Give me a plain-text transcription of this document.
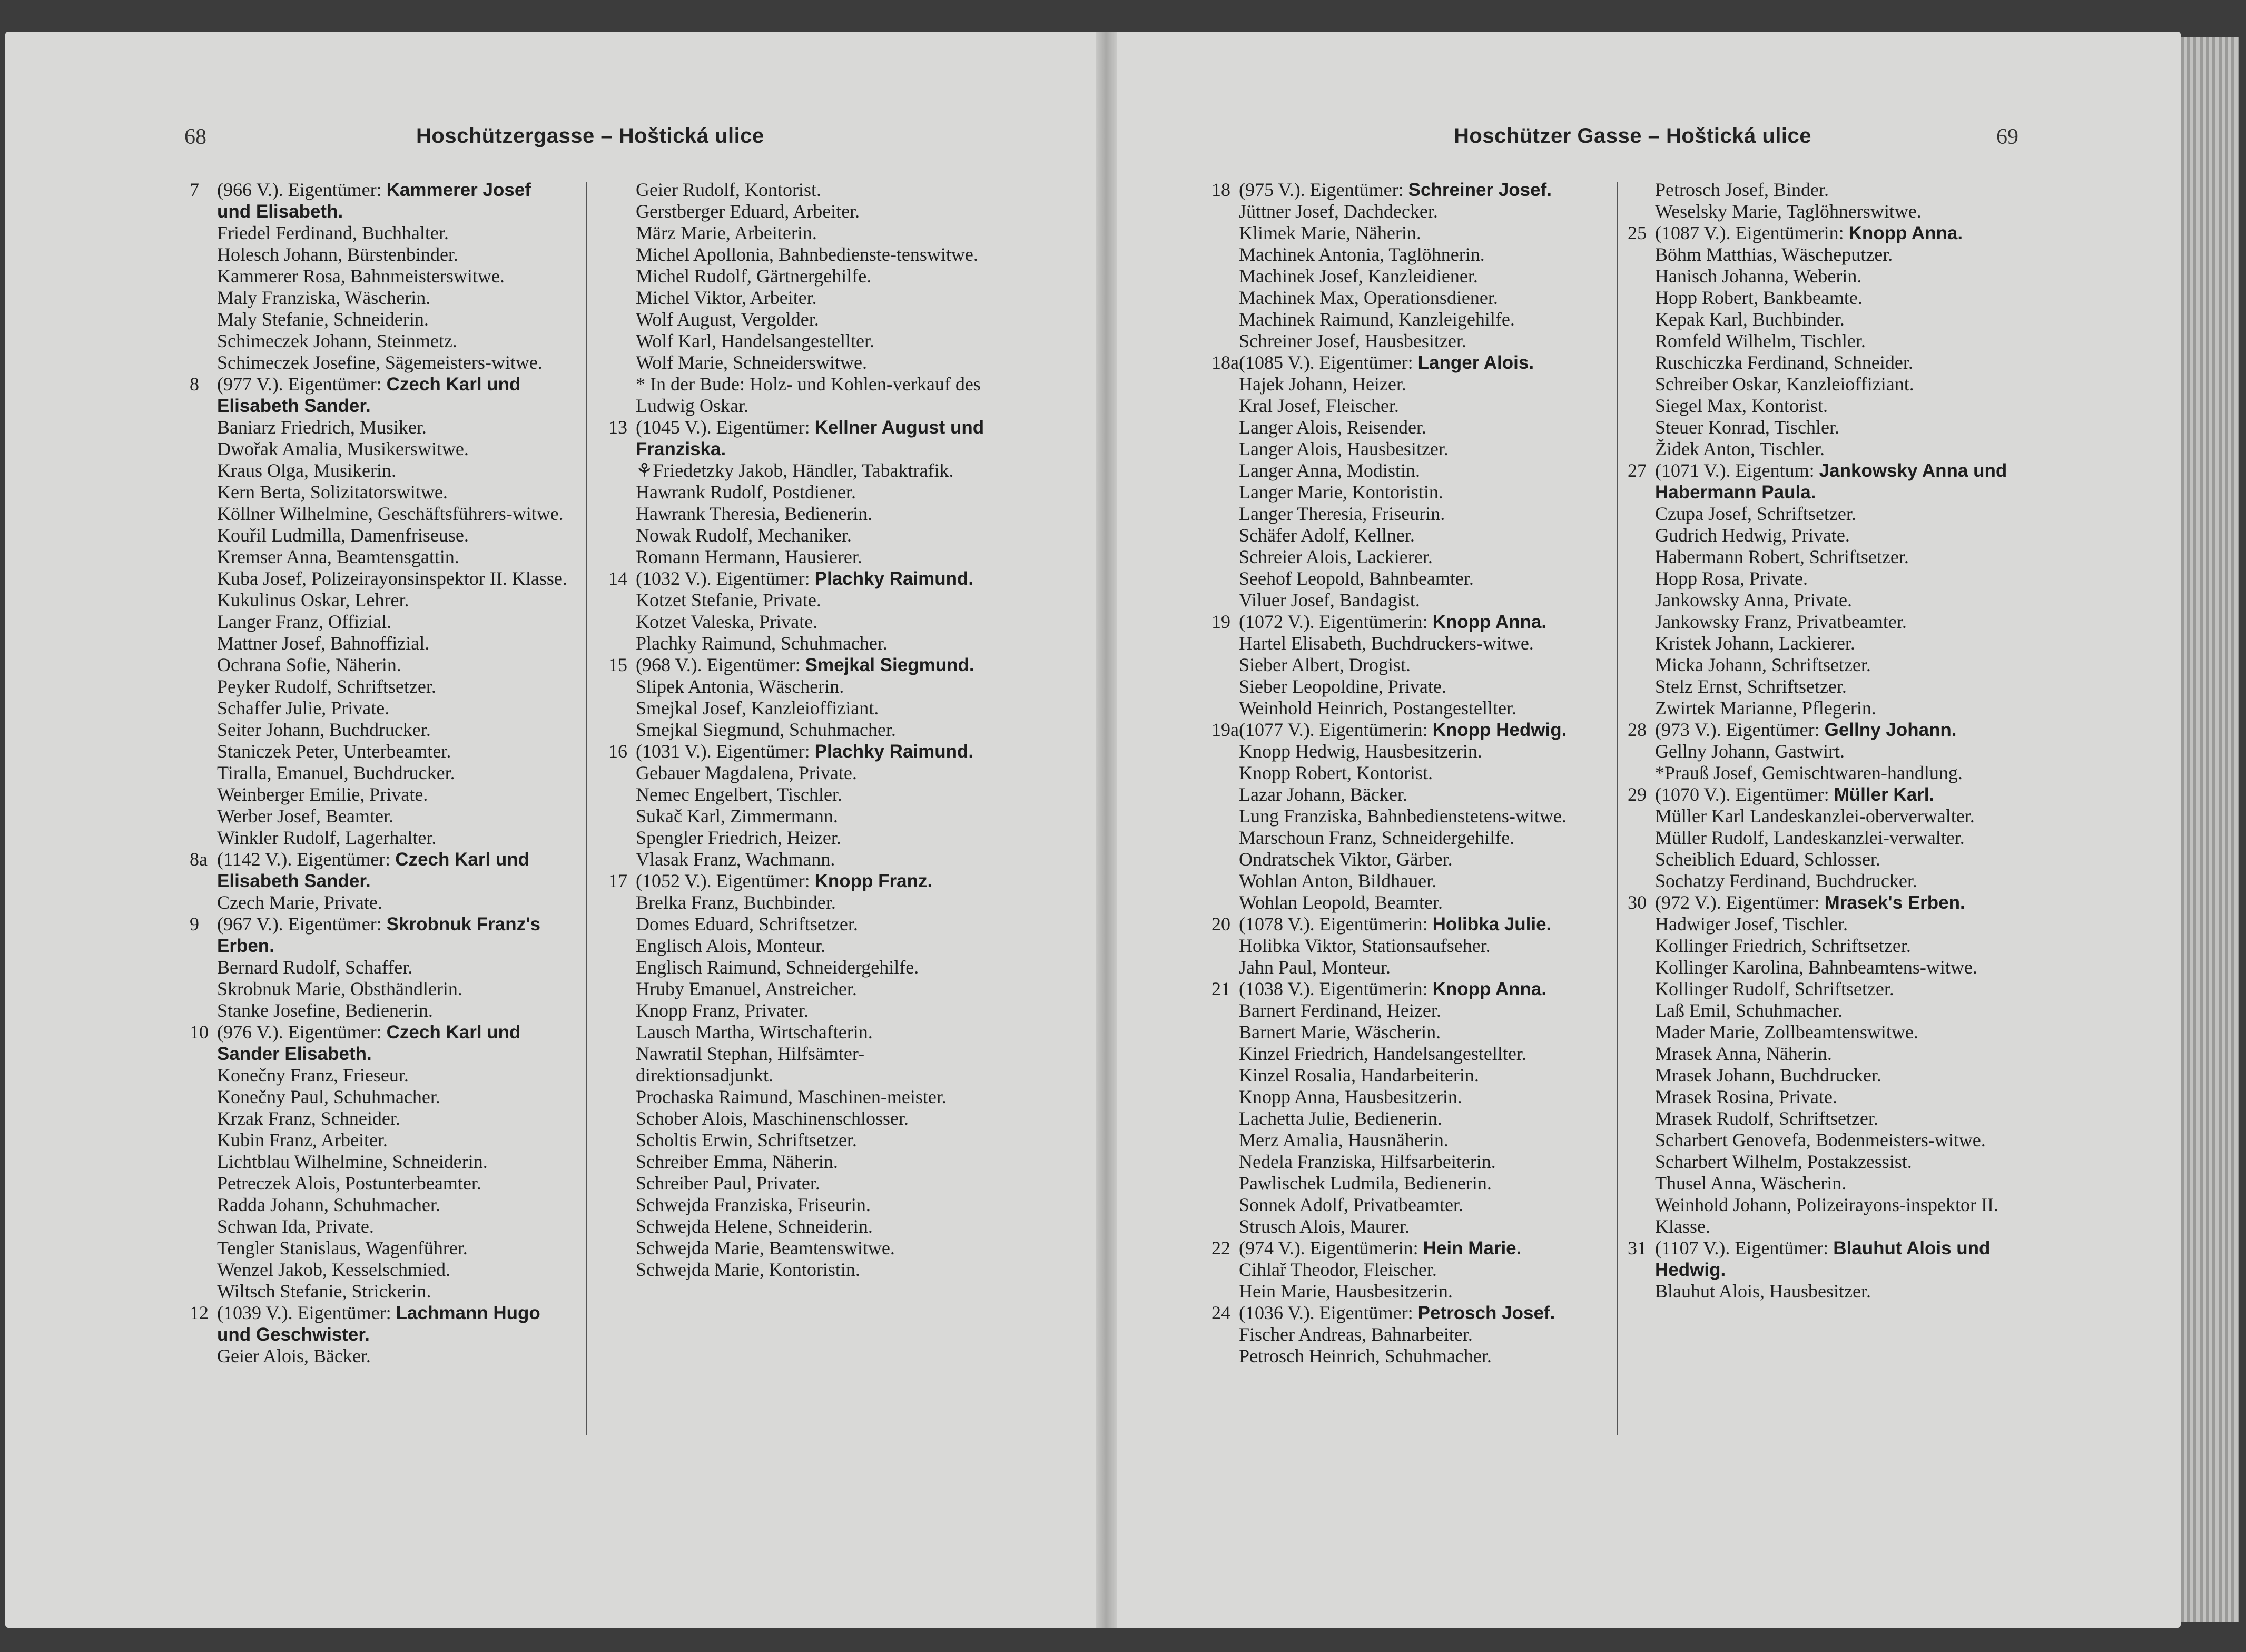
68	Hoschützergasse – Hoštická ulice	Hoschützer Gasse – Hoštická ulice	69
7 (966 V.). Eigentümer: Kammerer Josef und Elisabeth.
Friedel Ferdinand, Buchhalter.
Holesch Johann, Bürstenbinder.
Kammerer Rosa, Bahnmeisterswitwe.
Maly Franziska, Wäscherin.
Maly Stefanie, Schneiderin.
Schimeczek Johann, Steinmetz.
Schimeczek Josefine, Sägemeisters-witwe.
8 (977 V.). Eigentümer: Czech Karl und Elisabeth Sander.
Baniarz Friedrich, Musiker.
Dwořak Amalia, Musikerswitwe.
Kraus Olga, Musikerin.
Kern Berta, Solizitatorswitwe.
Köllner Wilhelmine, Geschäftsführers-witwe.
Kouřil Ludmilla, Damenfriseuse.
Kremser Anna, Beamtensgattin.
Kuba Josef, Polizeirayonsinspektor II. Klasse.
Kukulinus Oskar, Lehrer.
Langer Franz, Offizial.
Mattner Josef, Bahnoffizial.
Ochrana Sofie, Näherin.
Peyker Rudolf, Schriftsetzer.
Schaffer Julie, Private.
Seiter Johann, Buchdrucker.
Staniczek Peter, Unterbeamter.
Tiralla, Emanuel, Buchdrucker.
Weinberger Emilie, Private.
Werber Josef, Beamter.
Winkler Rudolf, Lagerhalter.
8a (1142 V.). Eigentümer: Czech Karl und Elisabeth Sander.
Czech Marie, Private.
9 (967 V.). Eigentümer: Skrobnuk Franz's Erben.
Bernard Rudolf, Schaffer.
Skrobnuk Marie, Obsthändlerin.
Stanke Josefine, Bedienerin.
10 (976 V.). Eigentümer: Czech Karl und Sander Elisabeth.
Konečny Franz, Frieseur.
Konečny Paul, Schuhmacher.
Krzak Franz, Schneider.
Kubin Franz, Arbeiter.
Lichtblau Wilhelmine, Schneiderin.
Petreczek Alois, Postunterbeamter.
Radda Johann, Schuhmacher.
Schwan Ida, Private.
Tengler Stanislaus, Wagenführer.
Wenzel Jakob, Kesselschmied.
Wiltsch Stefanie, Strickerin.
12 (1039 V.). Eigentümer: Lachmann Hugo und Geschwister.
Geier Alois, Bäcker.
Geier Rudolf, Kontorist.
Gerstberger Eduard, Arbeiter.
März Marie, Arbeiterin.
Michel Apollonia, Bahnbedienste-tenswitwe.
Michel Rudolf, Gärtnergehilfe.
Michel Viktor, Arbeiter.
Wolf August, Vergolder.
Wolf Karl, Handelsangestellter.
Wolf Marie, Schneiderswitwe.
* In der Bude: Holz- und Kohlen-verkauf des Ludwig Oskar.
13 (1045 V.). Eigentümer: Kellner August und Franziska.
⚘Friedetzky Jakob, Händler, Tabaktrafik.
Hawrank Rudolf, Postdiener.
Hawrank Theresia, Bedienerin.
Nowak Rudolf, Mechaniker.
Romann Hermann, Hausierer.
14 (1032 V.). Eigentümer: Plachky Raimund.
Kotzet Stefanie, Private.
Kotzet Valeska, Private.
Plachky Raimund, Schuhmacher.
15 (968 V.). Eigentümer: Smejkal Siegmund.
Slipek Antonia, Wäscherin.
Smejkal Josef, Kanzleioffiziant.
Smejkal Siegmund, Schuhmacher.
16 (1031 V.). Eigentümer: Plachky Raimund.
Gebauer Magdalena, Private.
Nemec Engelbert, Tischler.
Sukač Karl, Zimmermann.
Spengler Friedrich, Heizer.
Vlasak Franz, Wachmann.
17 (1052 V.). Eigentümer: Knopp Franz.
Brelka Franz, Buchbinder.
Domes Eduard, Schriftsetzer.
Englisch Alois, Monteur.
Englisch Raimund, Schneidergehilfe.
Hruby Emanuel, Anstreicher.
Knopp Franz, Privater.
Lausch Martha, Wirtschafterin.
Nawratil Stephan, Hilfsämter-direktionsadjunkt.
Prochaska Raimund, Maschinen-meister.
Schober Alois, Maschinenschlosser.
Scholtis Erwin, Schriftsetzer.
Schreiber Emma, Näherin.
Schreiber Paul, Privater.
Schwejda Franziska, Friseurin.
Schwejda Helene, Schneiderin.
Schwejda Marie, Beamtenswitwe.
Schwejda Marie, Kontoristin.
18 (975 V.). Eigentümer: Schreiner Josef.
Jüttner Josef, Dachdecker.
Klimek Marie, Näherin.
Machinek Antonia, Taglöhnerin.
Machinek Josef, Kanzleidiener.
Machinek Max, Operationsdiener.
Machinek Raimund, Kanzleigehilfe.
Schreiner Josef, Hausbesitzer.
18a(1085 V.). Eigentümer: Langer Alois.
Hajek Johann, Heizer.
Kral Josef, Fleischer.
Langer Alois, Reisender.
Langer Alois, Hausbesitzer.
Langer Anna, Modistin.
Langer Marie, Kontoristin.
Langer Theresia, Friseurin.
Schäfer Adolf, Kellner.
Schreier Alois, Lackierer.
Seehof Leopold, Bahnbeamter.
Viluer Josef, Bandagist.
19 (1072 V.). Eigentümerin: Knopp Anna.
Hartel Elisabeth, Buchdruckers-witwe.
Sieber Albert, Drogist.
Sieber Leopoldine, Private.
Weinhold Heinrich, Postangestellter.
19a(1077 V.). Eigentümerin: Knopp Hedwig.
Knopp Hedwig, Hausbesitzerin.
Knopp Robert, Kontorist.
Lazar Johann, Bäcker.
Lung Franziska, Bahnbedienstetens-witwe.
Marschoun Franz, Schneidergehilfe.
Ondratschek Viktor, Gärber.
Wohlan Anton, Bildhauer.
Wohlan Leopold, Beamter.
20 (1078 V.). Eigentümerin: Holibka Julie.
Holibka Viktor, Stationsaufseher.
Jahn Paul, Monteur.
21 (1038 V.). Eigentümerin: Knopp Anna.
Barnert Ferdinand, Heizer.
Barnert Marie, Wäscherin.
Kinzel Friedrich, Handelsangestellter.
Kinzel Rosalia, Handarbeiterin.
Knopp Anna, Hausbesitzerin.
Lachetta Julie, Bedienerin.
Merz Amalia, Hausnäherin.
Nedela Franziska, Hilfsarbeiterin.
Pawlischek Ludmila, Bedienerin.
Sonnek Adolf, Privatbeamter.
Strusch Alois, Maurer.
22 (974 V.). Eigentümerin: Hein Marie.
Cihlař Theodor, Fleischer.
Hein Marie, Hausbesitzerin.
24 (1036 V.). Eigentümer: Petrosch Josef.
Fischer Andreas, Bahnarbeiter.
Petrosch Heinrich, Schuhmacher.
Petrosch Josef, Binder.
Weselsky Marie, Taglöhnerswitwe.
25 (1087 V.). Eigentümerin: Knopp Anna.
Böhm Matthias, Wäscheputzer.
Hanisch Johanna, Weberin.
Hopp Robert, Bankbeamte.
Kepak Karl, Buchbinder.
Romfeld Wilhelm, Tischler.
Ruschiczka Ferdinand, Schneider.
Schreiber Oskar, Kanzleioffiziant.
Siegel Max, Kontorist.
Steuer Konrad, Tischler.
Židek Anton, Tischler.
27 (1071 V.). Eigentum: Jankowsky Anna und Habermann Paula.
Czupa Josef, Schriftsetzer.
Gudrich Hedwig, Private.
Habermann Robert, Schriftsetzer.
Hopp Rosa, Private.
Jankowsky Anna, Private.
Jankowsky Franz, Privatbeamter.
Kristek Johann, Lackierer.
Micka Johann, Schriftsetzer.
Stelz Ernst, Schriftsetzer.
Zwirtek Marianne, Pflegerin.
28 (973 V.). Eigentümer: Gellny Johann.
Gellny Johann, Gastwirt.
*Prauß Josef, Gemischtwaren-handlung.
29 (1070 V.). Eigentümer: Müller Karl.
Müller Karl Landeskanzlei-oberverwalter.
Müller Rudolf, Landeskanzlei-verwalter.
Scheiblich Eduard, Schlosser.
Sochatzy Ferdinand, Buchdrucker.
30 (972 V.). Eigentümer: Mrasek's Erben.
Hadwiger Josef, Tischler.
Kollinger Friedrich, Schriftsetzer.
Kollinger Karolina, Bahnbeamtens-witwe.
Kollinger Rudolf, Schriftsetzer.
Laß Emil, Schuhmacher.
Mader Marie, Zollbeamtenswitwe.
Mrasek Anna, Näherin.
Mrasek Johann, Buchdrucker.
Mrasek Rosina, Private.
Mrasek Rudolf, Schriftsetzer.
Scharbert Genovefa, Bodenmeisters-witwe.
Scharbert Wilhelm, Postakzessist.
Thusel Anna, Wäscherin.
Weinhold Johann, Polizeirayons-inspektor II. Klasse.
31 (1107 V.). Eigentümer: Blauhut Alois und Hedwig.
Blauhut Alois, Hausbesitzer.
